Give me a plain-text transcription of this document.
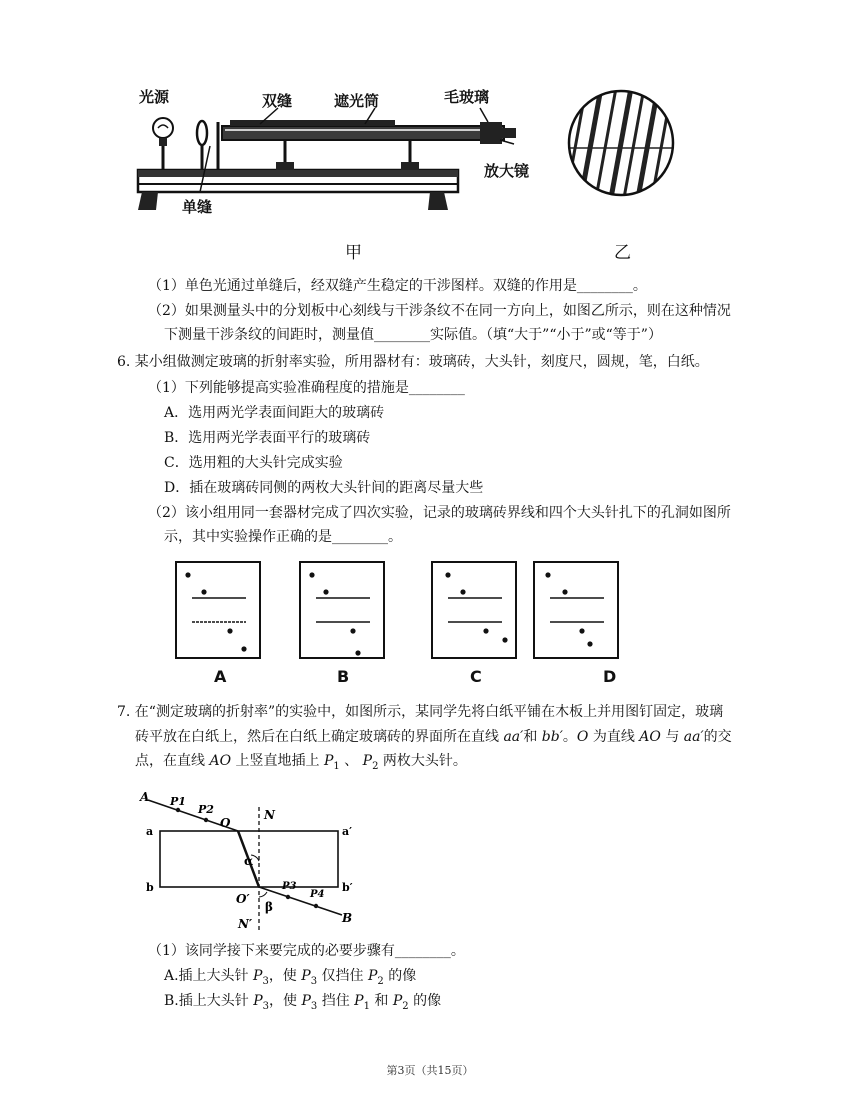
光源	双缝	遮光筒	毛玻璃
放大镜
单缝
甲	乙
（1）单色光通过单缝后，经双缝产生稳定的干涉图样。双缝的作用是________。
（2）如果测量头中的分划板中心刻线与干涉条纹不在同一方向上，如图乙所示，则在这种情况
下测量干涉条纹的间距时，测量值________实际值。（填“大于”“小于”或“等于”）
6. 某小组做测定玻璃的折射率实验，所用器材有：玻璃砖，大头针，刻度尺，圆规，笔，白纸。
（1）下列能够提高实验准确程度的措施是________
A．选用两光学表面间距大的玻璃砖
B．选用两光学表面平行的玻璃砖
C．选用粗的大头针完成实验
D．插在玻璃砖同侧的两枚大头针间的距离尽量大些
（2）该小组用同一套器材完成了四次实验，记录的玻璃砖界线和四个大头针扎下的孔洞如图所
示，其中实验操作正确的是________。
A	B	C	D
7. 在“测定玻璃的折射率”的实验中，如图所示，某同学先将白纸平铺在木板上并用图钉固定，玻璃
砖平放在白纸上，然后在白纸上确定玻璃砖的界面所在直线 aa′和 bb′。O 为直线 AO 与 aa′的交
点，在直线 AO 上竖直地插上 $P_1$ 、 $P_2$ 两枚大头针。
A P1
P2
O
N
a	a′
b	b′
α
O′
β
P3
P4
N′	B
（1）该同学接下来要完成的必要步骤有________。
A.插上大头针 $P_3$，使 $P_3$ 仅挡住 $P_2$ 的像
B.插上大头针 $P_3$，使 $P_3$ 挡住 $P_1$ 和 $P_2$ 的像
第3页（共15页）
